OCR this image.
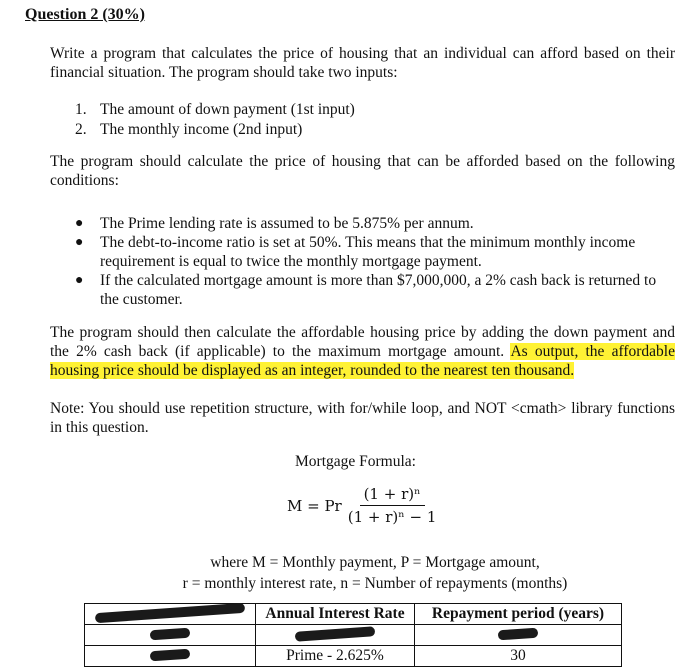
Question 2 (30%)
Write a program that calculates the price of housing that an individual can afford based on their financial situation. The program should take two inputs:
1. The amount of down payment (1st input)
2. The monthly income (2nd input)
The program should calculate the price of housing that can be afforded based on the following conditions:
●	The Prime lending rate is assumed to be 5.875% per annum.
●	The debt-to-income ratio is set at 50%. This means that the minimum monthly income requirement is equal to twice the monthly mortgage payment.
●	If the calculated mortgage amount is more than $7,000,000, a 2% cash back is returned to the customer.
The program should then calculate the affordable housing price by adding the down payment and the 2% cash back (if applicable) to the maximum mortgage amount. As output, the affordable housing price should be displayed as an integer, rounded to the nearest ten thousand.
Note: You should use repetition structure, with for/while loop, and NOT <cmath> library functions in this question.
Mortgage Formula:
M = Pr $\frac{\text{(1 + r)ⁿ}}{\text{(1 + r)ⁿ − 1}}$
where M = Monthly payment, P = Mortgage amount,
r = monthly interest rate, n = Number of repayments (months)
	Annual Interest Rate	Repayment period (years)

	Prime - 2.625%	30
